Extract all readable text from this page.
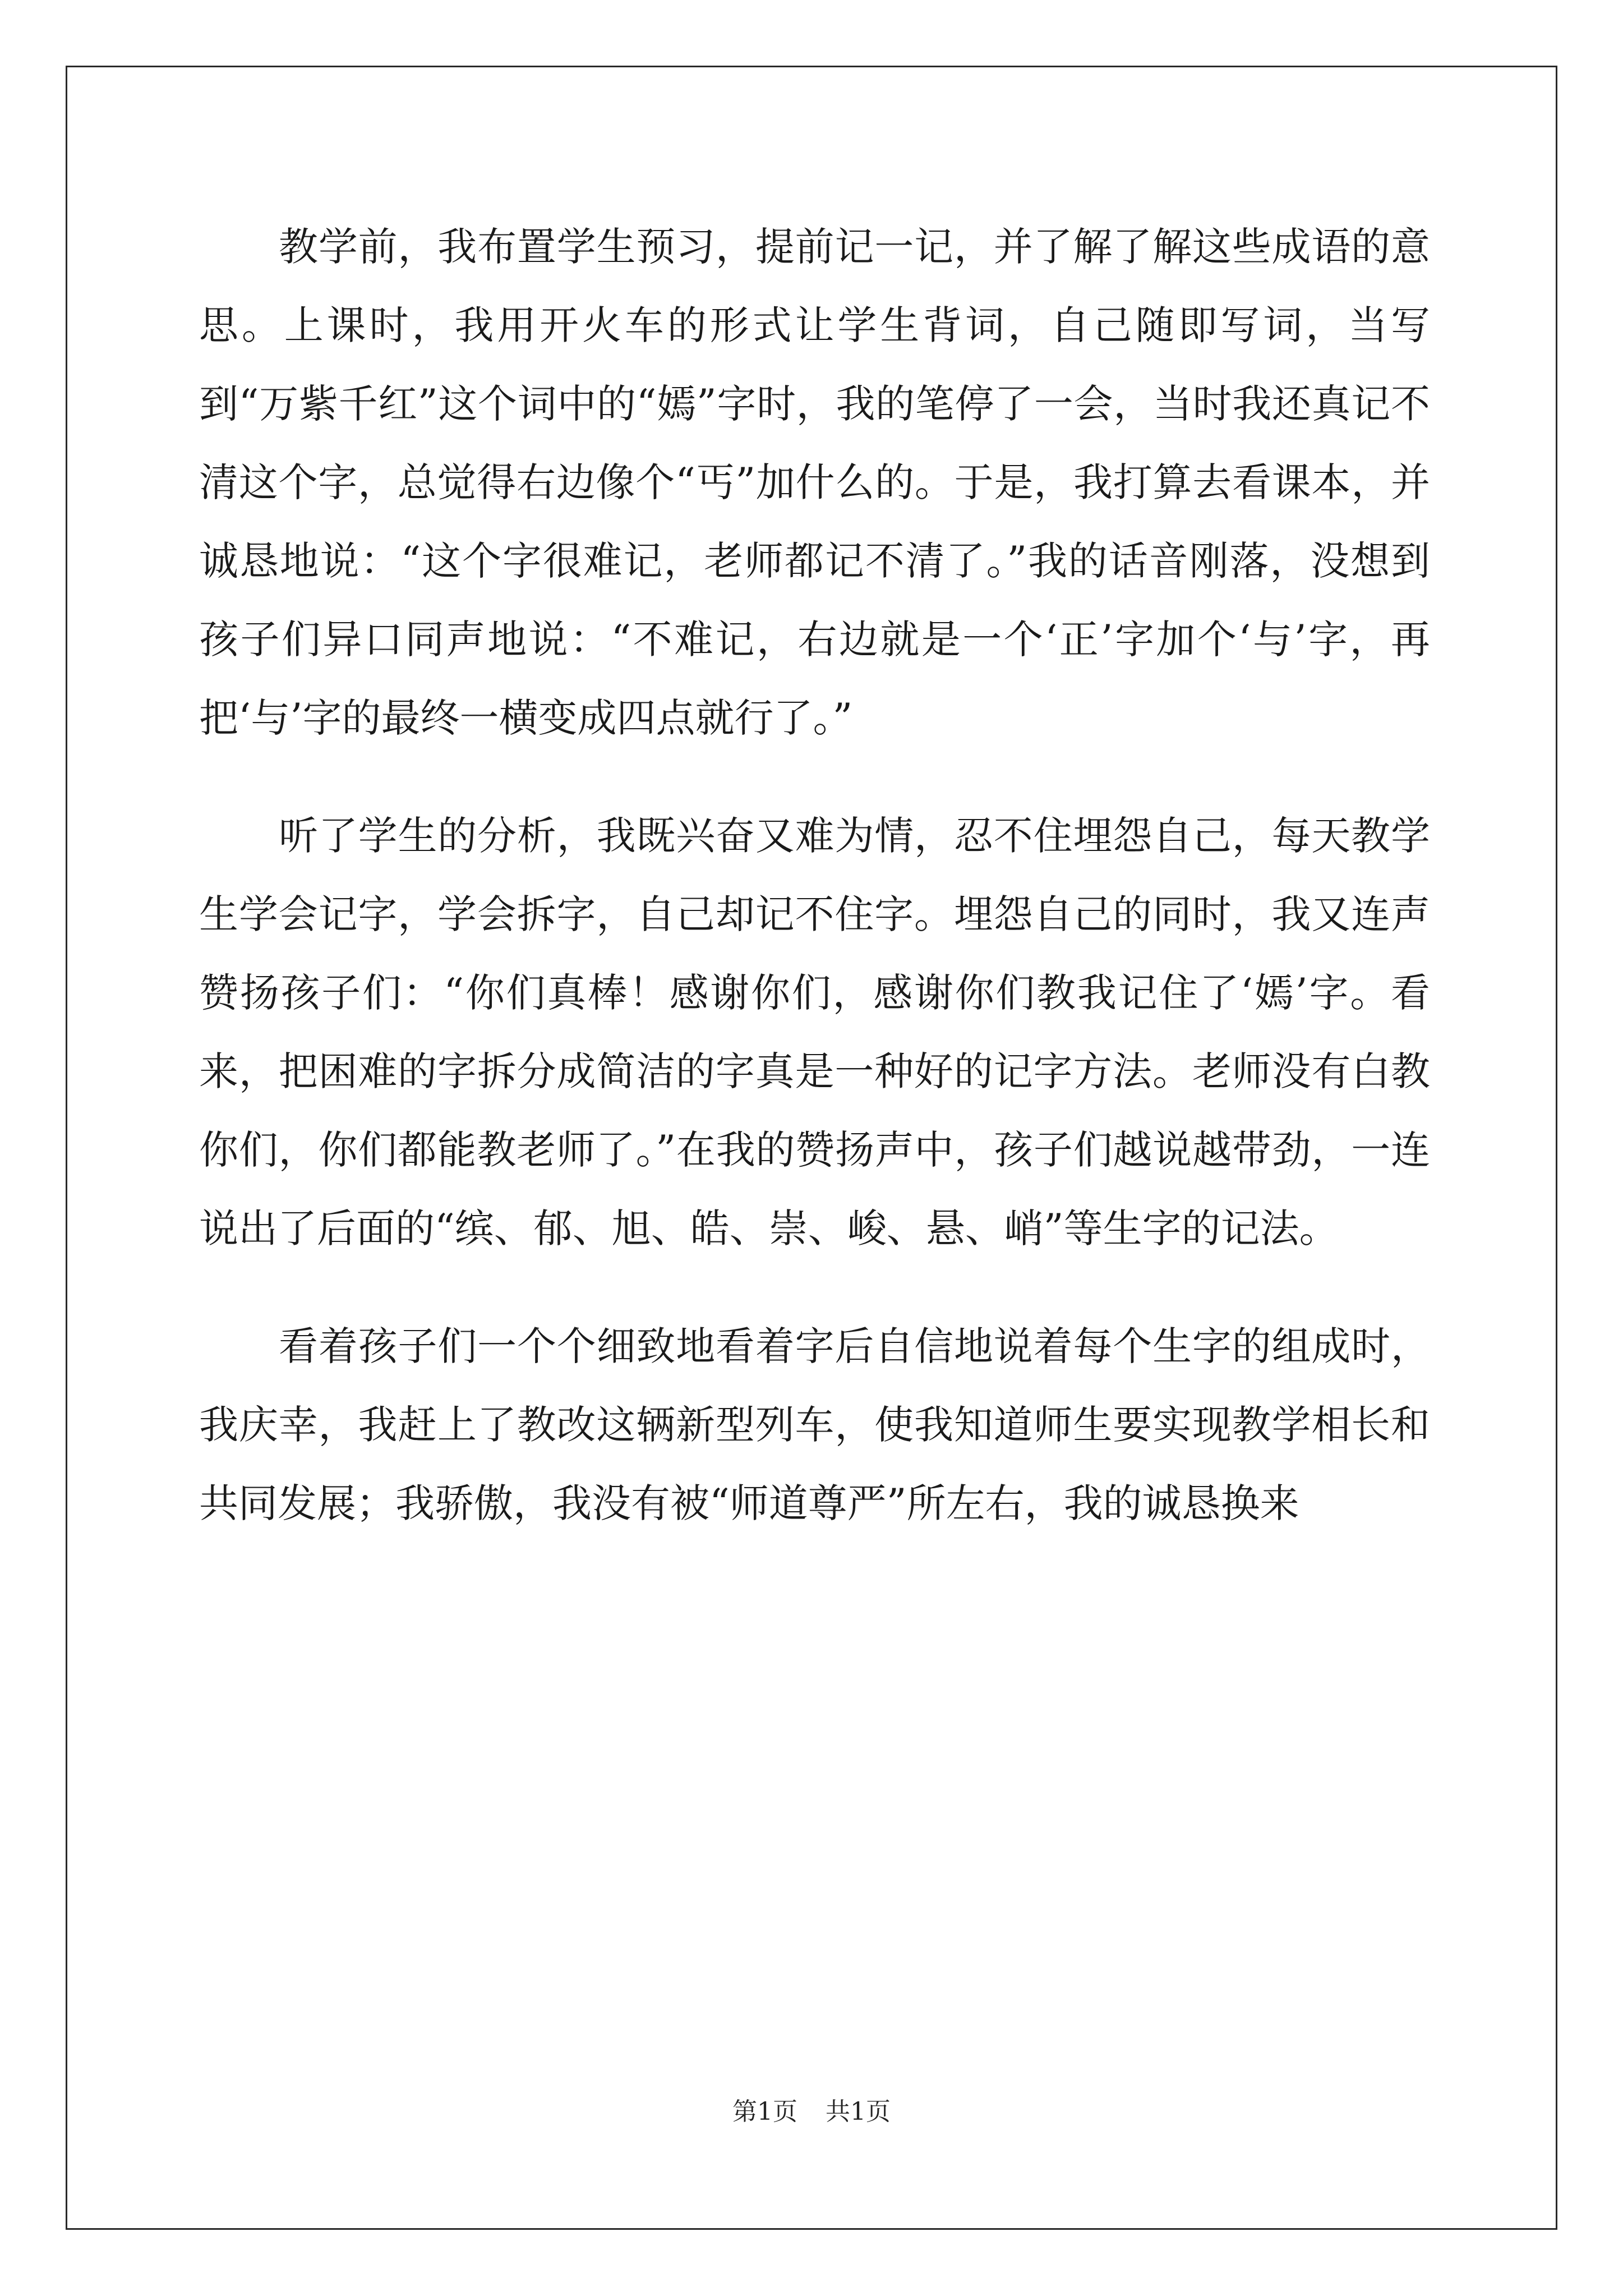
教学前，我布置学生预习，提前记一记，并了解了解这些成语的意思。上课时，我用开火车的形式让学生背词，自己随即写词，当写到“万紫千红”这个词中的“嫣”字时，我的笔停了一会，当时我还真记不清这个字，总觉得右边像个“丐”加什么的。于是，我打算去看课本，并诚恳地说：“这个字很难记，老师都记不清了。”我的话音刚落，没想到孩子们异口同声地说：“不难记，右边就是一个‘正’字加个‘与’字，再把‘与’字的最终一横变成四点就行了。”

听了学生的分析，我既兴奋又难为情，忍不住埋怨自己，每天教学生学会记字，学会拆字，自己却记不住字。埋怨自己的同时，我又连声赞扬孩子们：“你们真棒！感谢你们，感谢你们教我记住了‘嫣’字。看来，把困难的字拆分成简洁的字真是一种好的记字方法。老师没有白教你们，你们都能教老师了。”在我的赞扬声中，孩子们越说越带劲，一连说出了后面的“缤、郁、旭、皓、崇、峻、悬、峭”等生字的记法。

看着孩子们一个个细致地看着字后自信地说着每个生字的组成时，我庆幸，我赶上了教改这辆新型列车，使我知道师生要实现教学相长和共同发展；我骄傲，我没有被“师道尊严”所左右，我的诚恳换来

第1页 共1页
